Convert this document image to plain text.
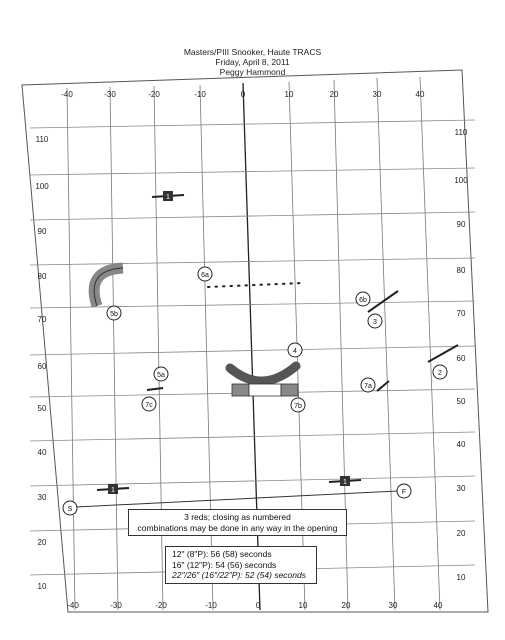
Masters/PIII Snooker, Haute TRACS
Friday, April 8, 2011
Peggy Hammond
-40	-30	-20	-10	0	10	20	30	40
-40	-30	-20	-10	0	10	20	30	40
110
100
90
80
70
60
50
40
30
20
10
110
100
90
80
70
60
50
40
30
20
10
1
1
1
2
6b
3
4
7b
5b
5a
7c
7a
6a
S
F
3 reds; closing as numbered
combinations may be done in any way in the opening
12" (8"P): 56 (58) seconds
16" (12"P): 54 (56) seconds
22"/26" (16"/22"P): 52 (54) seconds
